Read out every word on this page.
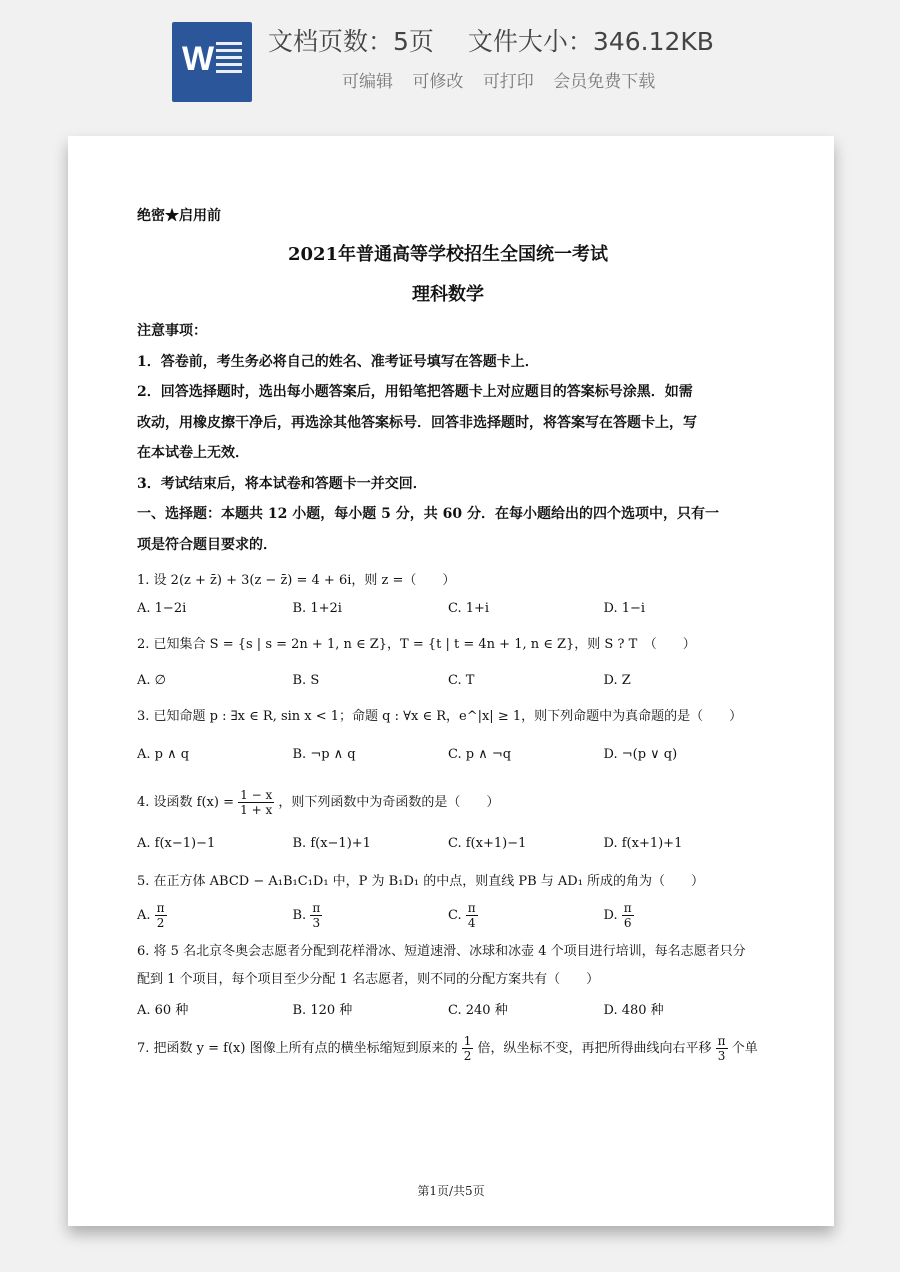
W 文档页数：5页 文件大小：346.12KB
可编辑 可修改 可打印 会员免费下载

绝密★启用前

2021年普通高等学校招生全国统一考试
理科数学

注意事项：

1．答卷前，考生务必将自己的姓名、准考证号填写在答题卡上．

2．回答选择题时，选出每小题答案后，用铅笔把答题卡上对应题目的答案标号涂黑．如需

改动，用橡皮擦干净后，再选涂其他答案标号．回答非选择题时，将答案写在答题卡上，写

在本试卷上无效．

3．考试结束后，将本试卷和答题卡一并交回．

一、选择题：本题共 12 小题，每小题 5 分，共 60 分．在每小题给出的四个选项中，只有一

项是符合题目要求的．

1. 设 2(z + z̄) + 3(z − z̄) = 4 + 6i，则 z =（　　）

A. 1−2i	B. 1+2i	C. 1+i	D. 1−i

2. 已知集合 S = {s | s = 2n + 1, n ∈ Z}，T = {t | t = 4n + 1, n ∈ Z}，则 S ? T　（　　）

A. ∅	B. S	C. T	D. Z

3. 已知命题 p : ∃x ∈ R, sin x < 1；命题 q : ∀x ∈ R，e^|x| ≥ 1，则下列命题中为真命题的是（　　）

A. p ∧ q	B. ¬p ∧ q	C. p ∧ ¬q	D. ¬(p ∨ q)
4. 设函数 $f(x) = \frac{1 - x}{1 + x}$ ，则下列函数中为奇函数的是（　　）
A. f(x−1)−1	B. f(x−1)+1	C. f(x+1)−1	D. f(x+1)+1

5. 在正方体 ABCD − A₁B₁C₁D₁ 中，P 为 B₁D₁ 的中点，则直线 PB 与 AD₁ 所成的角为（　　）

A. $\frac{\pi}{2}$	B. $\frac{\pi}{3}$	C. $\frac{\pi}{4}$	D. $\frac{\pi}{6}$

6. 将 5 名北京冬奥会志愿者分配到花样滑冰、短道速滑、冰球和冰壶 4 个项目进行培训，每名志愿者只分

配到 1 个项目，每个项目至少分配 1 名志愿者，则不同的分配方案共有（　　）

A. 60 种	B. 120 种	C. 240 种	D. 480 种
7. 把函数 y = f(x) 图像上所有点的横坐标缩短到原来的 $\frac{1}{2}$ 倍，纵坐标不变，再把所得曲线向右平移 $\frac{\pi}{3}$ 个单
第1页/共5页
